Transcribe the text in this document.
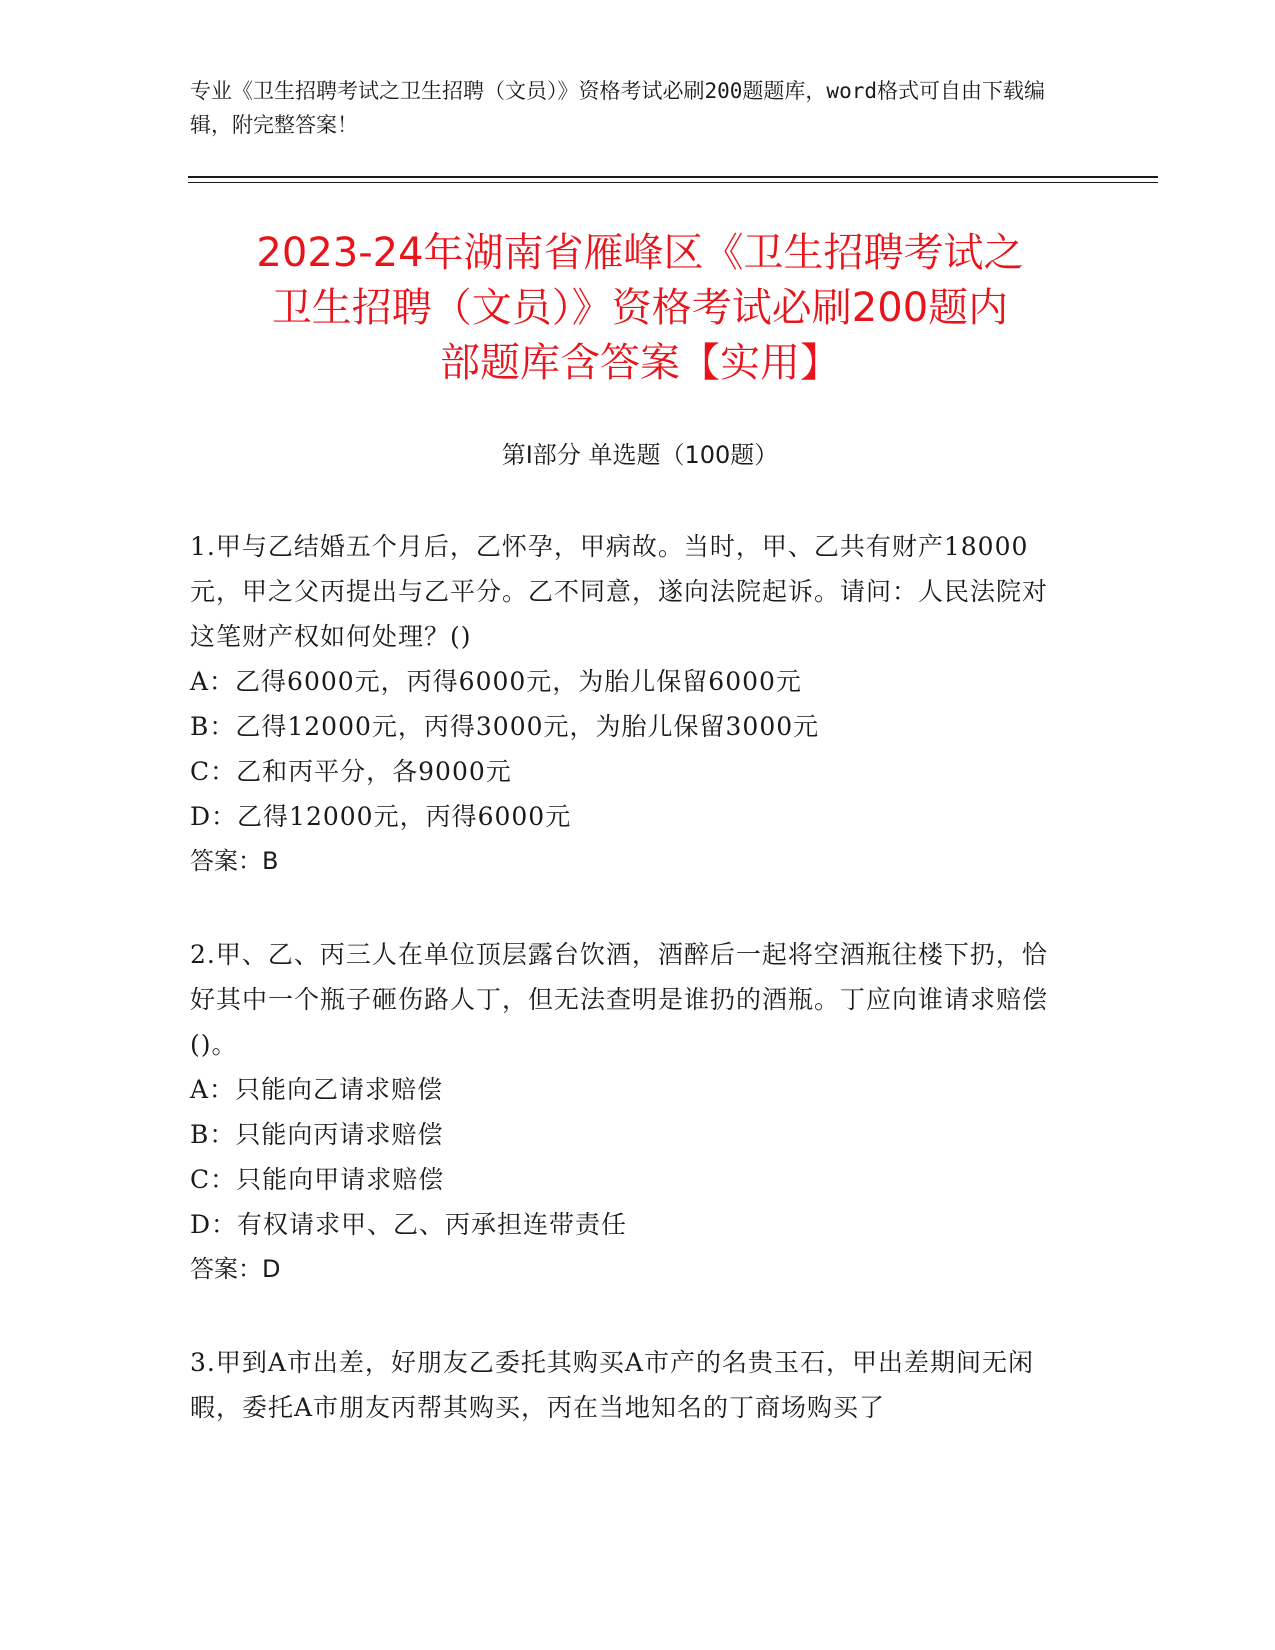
专业《卫生招聘考试之卫生招聘（文员）》资格考试必刷200题题库，word格式可自由下载编辑，附完整答案！
2023-24年湖南省雁峰区《卫生招聘考试之
卫生招聘（文员）》资格考试必刷200题内
部题库含答案【实用】
第Ⅰ部分 单选题（100题）
1.甲与乙结婚五个月后，乙怀孕，甲病故。当时，甲、乙共有财产18000元，甲之父丙提出与乙平分。乙不同意，遂向法院起诉。请问：人民法院对这笔财产权如何处理？()
A：乙得6000元，丙得6000元，为胎儿保留6000元
B：乙得12000元，丙得3000元，为胎儿保留3000元
C：乙和丙平分，各9000元
D：乙得12000元，丙得6000元
答案：B
2.甲、乙、丙三人在单位顶层露台饮酒，酒醉后一起将空酒瓶往楼下扔，恰好其中一个瓶子砸伤路人丁，但无法查明是谁扔的酒瓶。丁应向谁请求赔偿()。
A：只能向乙请求赔偿
B：只能向丙请求赔偿
C：只能向甲请求赔偿
D：有权请求甲、乙、丙承担连带责任
答案：D
3.甲到A市出差，好朋友乙委托其购买A市产的名贵玉石，甲出差期间无闲暇，委托A市朋友丙帮其购买，丙在当地知名的丁商场购买了
